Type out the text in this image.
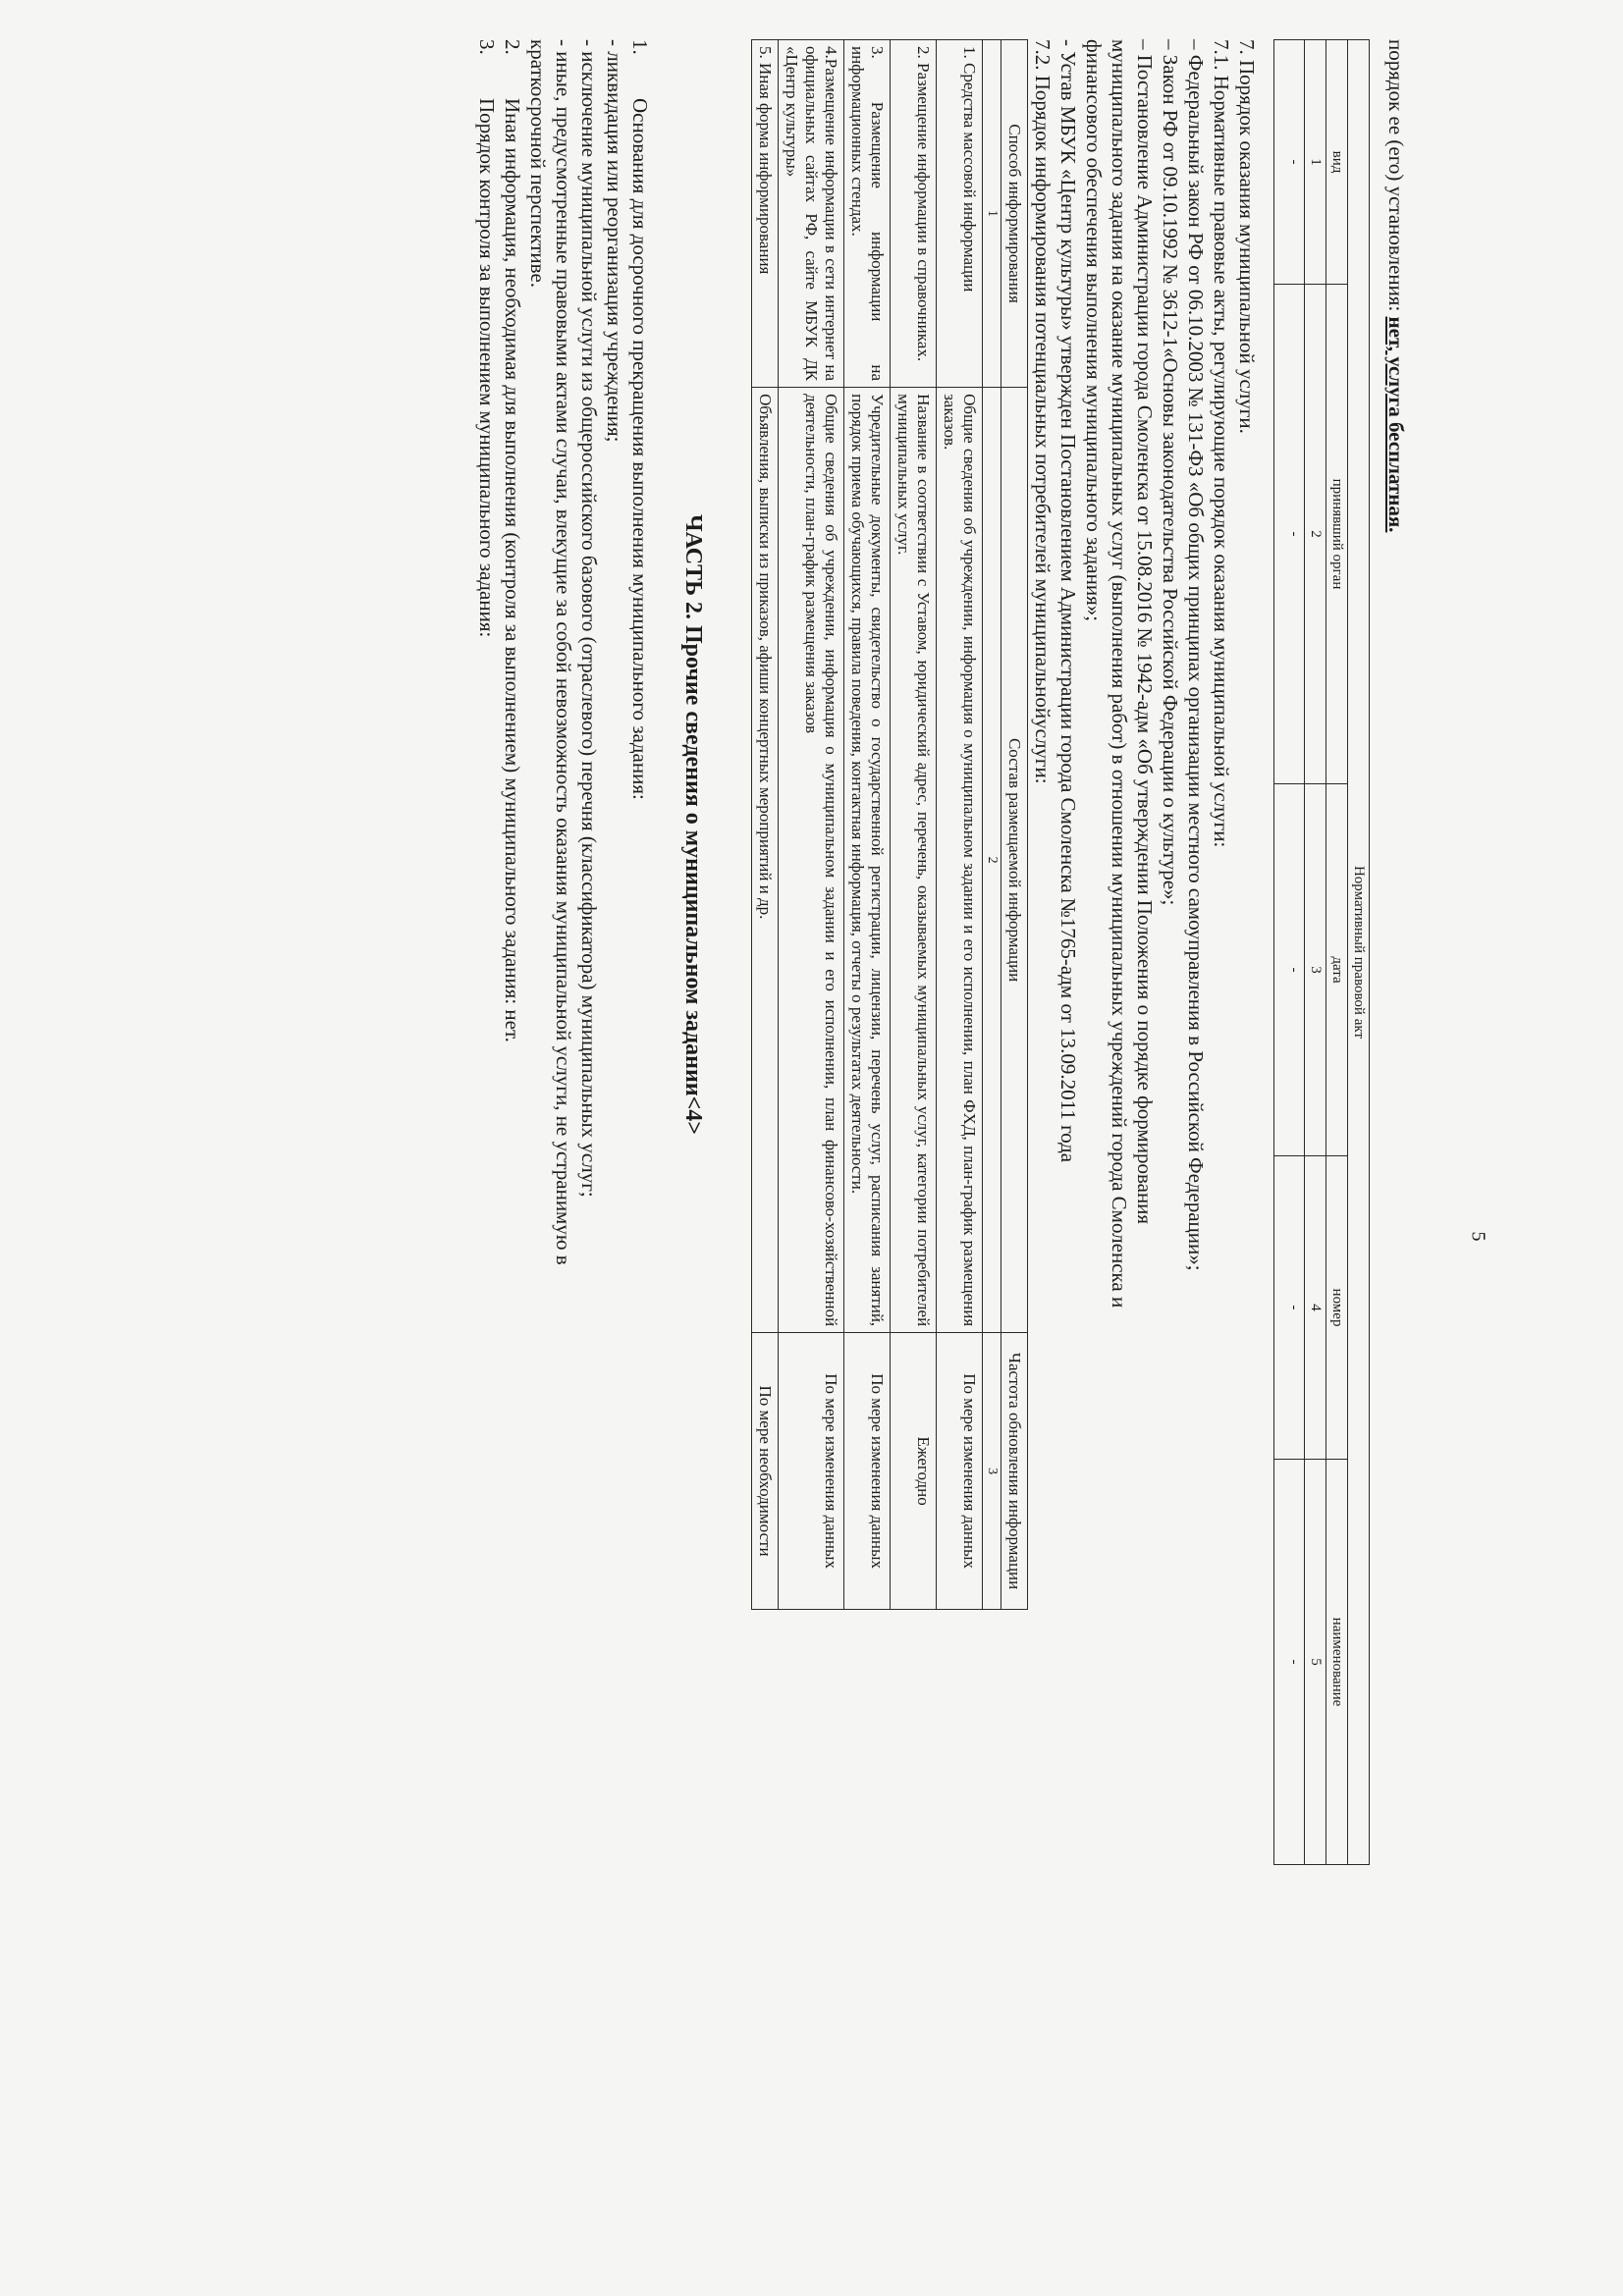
5

порядок ее (его) установления: нет, услуга бесплатная.

Нормативный правовой акт				
вид	принявший орган	дата	номер	наименование
1	2	3	4	5
-	-	-	-	-

7. Порядок оказания муниципальной услуги.

7.1. Нормативные правовые акты, регулирующие порядок оказания муниципальной услуги:

– Федеральный закон РФ от 06.10.2003 № 131-ФЗ «Об общих принципах организации местного самоуправления в Российской Федерации»;

– Закон РФ от 09.10.1992 № 3612-1«Основы законодательства Российской Федерации о культуре»;

– Постановление Администрации города Смоленска от 15.08.2016 № 1942-адм «Об утверждении Положения о порядке формирования

муниципального задания на оказание муниципальных услуг (выполнения работ) в отношении муниципальных учреждений города Смоленска и

финансового обеспечения выполнения муниципального задания»;

- Устав МБУК «Центр культуры» утвержден Постановлением Администрации города Смоленска №1765-адм от 13.09.2011 года

7.2. Порядок информирования потенциальных потребителей муниципальнойуслуги:

Способ информирования	Состав размещаемой информации	Частота обновления информации
1	2	3
1. Средства массовой информации	Общие сведения об учреждении, информация о муниципальном задании и его исполнении, план ФХД, план-график размещения заказов.	По мере изменения данных
2. Размещение информации в справочниках.	Название в соответствии с Уставом, юридический адрес, перечень, оказываемых муниципальных услуг, категории потребителей муниципальных услуг.	Ежегодно
3. Размещение информации на информационных стендах.	Учредительные документы, свидетельство о государственной регистрации, лицензии, перечень услуг, расписания занятий, порядок приема обучающихся, правила поведения, контактная информация, отчеты о результатах деятельности.	По мере изменения данных
4.Размещение информации в сети интернет на официальных сайтах РФ, сайте МБУК ДК «Центр культуры»	Общие сведения об учреждении, информация о муниципальном задании и его исполнении, план финансово-хозяйственной деятельности, план-график размещения заказов	По мере изменения данных
5. Иная форма информирования	Объявления, выписки из приказов, афиши концертных мероприятий и др.	По мере необходимости
ЧАСТЬ 2. Прочие сведения о муниципальном задании<4>
1.
Основания для досрочного прекращения выполнения муниципального задания:

- ликвидация или реорганизация учреждения;

- исключение муниципальной услуги из общероссийского базового (отраслевого) перечня (классификатора) муниципальных услуг;

- иные, предусмотренные правовыми актами случаи, влекущие за собой невозможность оказания муниципальной услуги, не устранимую в

краткосрочной перспективе.

2.
Иная информация, необходимая для выполнения (контроля за выполнением) муниципального задания: нет.
3.
Порядок контроля за выполнением муниципального задания:
